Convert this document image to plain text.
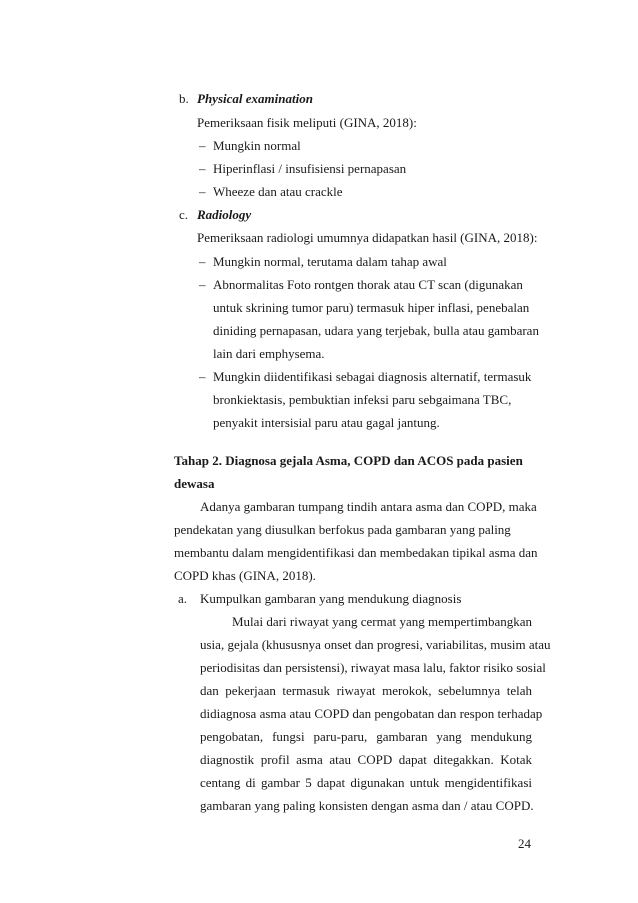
b. Physical examination
Pemeriksaan fisik meliputi (GINA, 2018):
– Mungkin normal
– Hiperinflasi / insufisiensi pernapasan
– Wheeze dan atau crackle
c. Radiology
Pemeriksaan radiologi umumnya didapatkan hasil (GINA, 2018):
– Mungkin normal, terutama dalam tahap awal
– Abnormalitas Foto rontgen thorak atau CT scan (digunakan
untuk skrining tumor paru) termasuk hiper inflasi, penebalan
diniding pernapasan, udara yang terjebak, bulla atau gambaran
lain dari emphysema.
– Mungkin diidentifikasi sebagai diagnosis alternatif, termasuk
bronkiektasis, pembuktian infeksi paru sebgaimana TBC,
penyakit intersisial paru atau gagal jantung.
Tahap 2. Diagnosa gejala Asma, COPD dan ACOS pada pasien
dewasa
Adanya gambaran tumpang tindih antara asma dan COPD, maka
pendekatan yang diusulkan berfokus pada gambaran yang paling
membantu dalam mengidentifikasi dan membedakan tipikal asma dan
COPD khas (GINA, 2018).
a. Kumpulkan gambaran yang mendukung diagnosis
Mulai dari riwayat yang cermat yang mempertimbangkan
usia, gejala (khususnya onset dan progresi, variabilitas, musim atau
periodisitas dan persistensi), riwayat masa lalu, faktor risiko sosial
dan pekerjaan termasuk riwayat merokok, sebelumnya telah
didiagnosa asma atau COPD dan pengobatan dan respon terhadap
pengobatan, fungsi paru-paru, gambaran yang mendukung
diagnostik profil asma atau COPD dapat ditegakkan. Kotak
centang di gambar 5 dapat digunakan untuk mengidentifikasi
gambaran yang paling konsisten dengan asma dan / atau COPD.
24
